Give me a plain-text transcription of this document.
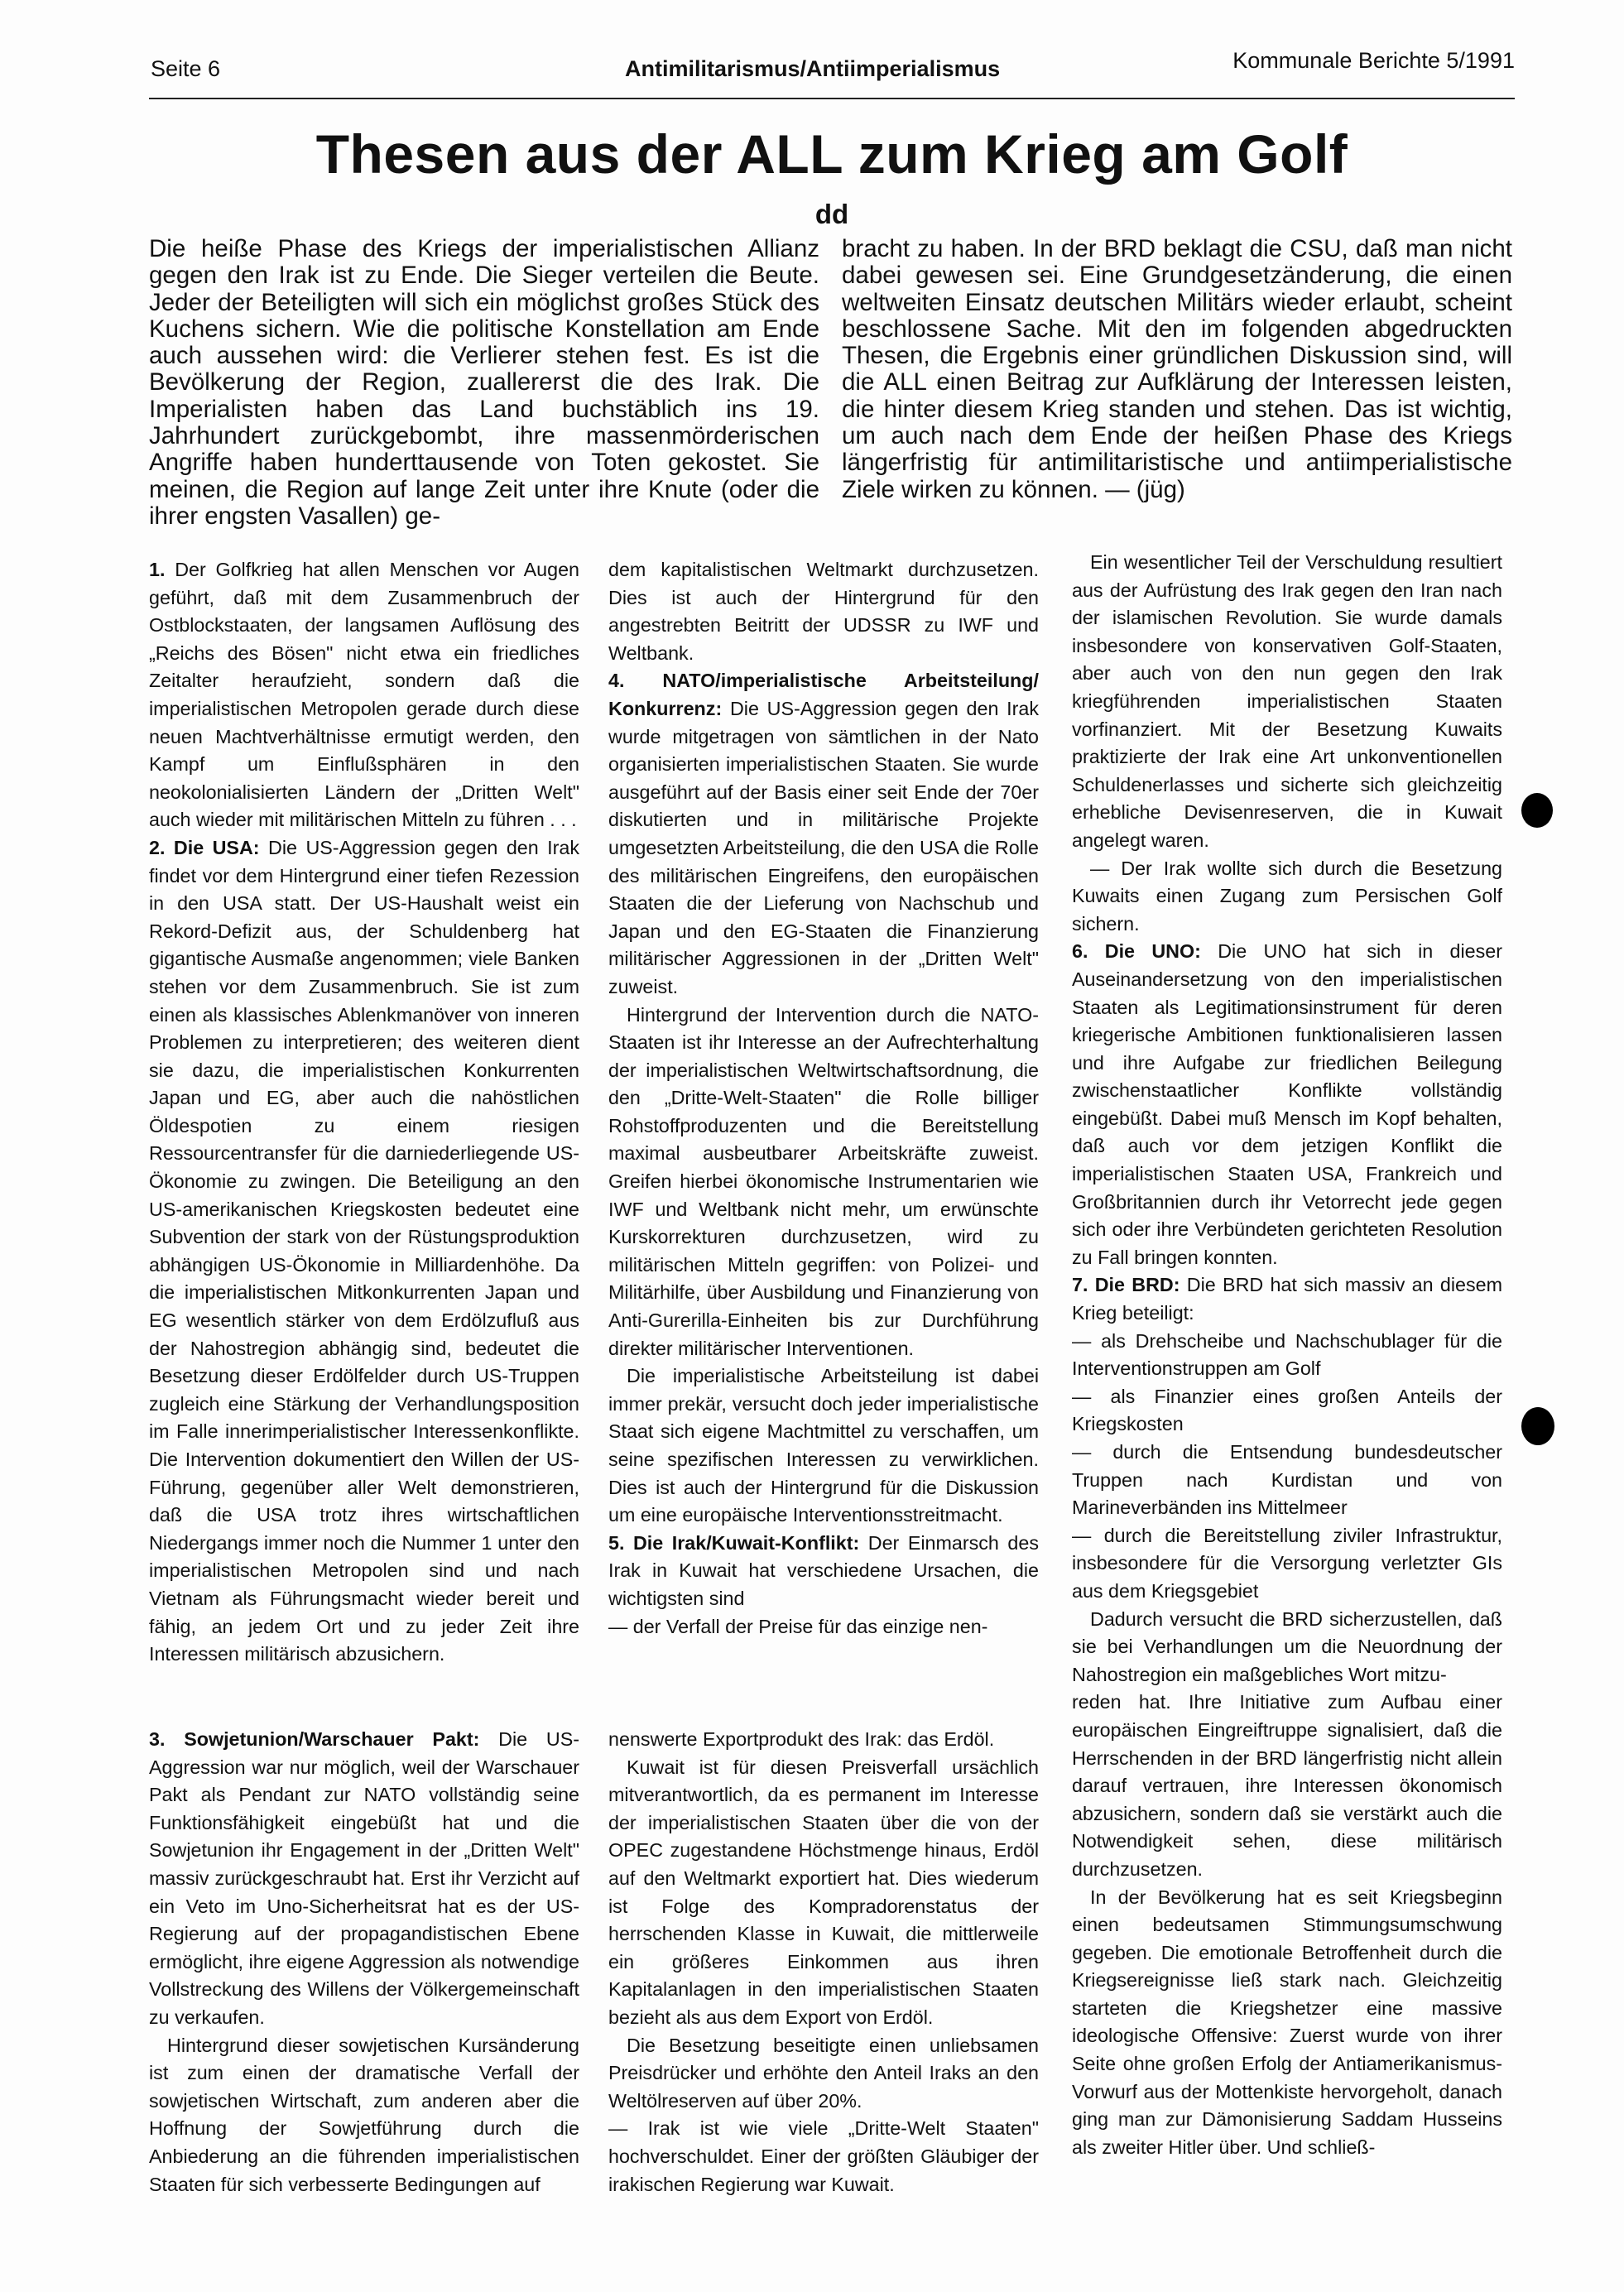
Seite 6	Antimilitarismus/Antiimperialismus	Kommunale Berichte 5/1991
Thesen aus der ALL zum Krieg am Golf
dd

Die heiße Phase des Kriegs der imperialistischen Allianz gegen den Irak ist zu Ende. Die Sieger verteilen die Beute. Jeder der Beteiligten will sich ein möglichst großes Stück des Kuchens sichern. Wie die politische Konstellation am Ende auch aussehen wird: die Verlierer stehen fest. Es ist die Bevölkerung der Region, zuallererst die des Irak. Die Imperialisten haben das Land buchstäblich ins 19. Jahrhundert zurückgebombt, ihre massenmörderischen Angriffe haben hunderttausende von Toten gekostet. Sie meinen, die Region auf lange Zeit unter ihre Knute (oder die ihrer engsten Vasallen) ge-

bracht zu haben. In der BRD beklagt die CSU, daß man nicht dabei gewesen sei. Eine Grundgesetzänderung, die einen weltweiten Einsatz deutschen Militärs wieder erlaubt, scheint beschlossene Sache. Mit den im folgenden abgedruckten Thesen, die Ergebnis einer gründlichen Diskussion sind, will die ALL einen Beitrag zur Aufklärung der Interessen leisten, die hinter diesem Krieg standen und stehen. Das ist wichtig, um auch nach dem Ende der heißen Phase des Kriegs längerfristig für antimilitaristische und antiimperialistische Ziele wirken zu können. — (jüg)

1. Der Golfkrieg hat allen Menschen vor Augen geführt, daß mit dem Zusammenbruch der Ostblockstaaten, der langsamen Auflösung des „Reichs des Bösen" nicht etwa ein friedliches Zeitalter heraufzieht, sondern daß die imperialistischen Metropolen gerade durch diese neuen Machtverhältnisse ermutigt werden, den Kampf um Einflußsphären in den neokolonialisierten Ländern der „Dritten Welt" auch wieder mit militärischen Mitteln zu führen . . .

2. Die USA: Die US-Aggression gegen den Irak findet vor dem Hintergrund einer tiefen Rezession in den USA statt. Der US-Haushalt weist ein Rekord-Defizit aus, der Schuldenberg hat gigantische Ausmaße angenommen; viele Banken stehen vor dem Zusammenbruch. Sie ist zum einen als klassisches Ablenkmanöver von inneren Problemen zu interpretieren; des weiteren dient sie dazu, die imperialistischen Konkurrenten Japan und EG, aber auch die nahöstlichen Öldespotien zu einem riesigen Ressourcentransfer für die darniederliegende US-Ökonomie zu zwingen. Die Beteiligung an den US-amerikanischen Kriegskosten bedeutet eine Subvention der stark von der Rüstungsproduktion abhängigen US-Ökonomie in Milliardenhöhe. Da die imperialistischen Mitkonkurrenten Japan und EG wesentlich stärker von dem Erdölzufluß aus der Nahostregion abhängig sind, bedeutet die Besetzung dieser Erdölfelder durch US-Truppen zugleich eine Stärkung der Verhandlungsposition im Falle innerimperialistischer Interessenkonflikte. Die Intervention dokumentiert den Willen der US-Führung, gegenüber aller Welt demonstrieren, daß die USA trotz ihres wirtschaftlichen Niedergangs immer noch die Nummer 1 unter den imperialistischen Metropolen sind und nach Vietnam als Führungsmacht wieder bereit und fähig, an jedem Ort und zu jeder Zeit ihre Interessen militärisch abzusichern.

dem kapitalistischen Weltmarkt durchzusetzen. Dies ist auch der Hintergrund für den angestrebten Beitritt der UDSSR zu IWF und Weltbank.

4. NATO/imperialistische Arbeitsteilung/ Konkurrenz: Die US-Aggression gegen den Irak wurde mitgetragen von sämtlichen in der Nato organisierten imperialistischen Staaten. Sie wurde ausgeführt auf der Basis einer seit Ende der 70er diskutierten und in militärische Projekte umgesetzten Arbeitsteilung, die den USA die Rolle des militärischen Eingreifens, den europäischen Staaten die der Lieferung von Nachschub und Japan und den EG-Staaten die Finanzierung militärischer Aggressionen in der „Dritten Welt" zuweist.

Hintergrund der Intervention durch die NATO-Staaten ist ihr Interesse an der Aufrechterhaltung der imperialistischen Weltwirtschaftsordnung, die den „Dritte-Welt-Staaten" die Rolle billiger Rohstoffproduzenten und die Bereitstellung maximal ausbeutbarer Arbeitskräfte zuweist. Greifen hierbei ökonomische Instrumentarien wie IWF und Weltbank nicht mehr, um erwünschte Kurskorrekturen durchzusetzen, wird zu militärischen Mitteln gegriffen: von Polizei- und Militärhilfe, über Ausbildung und Finanzierung von Anti-Gurerilla-Einheiten bis zur Durchführung direkter militärischer Interventionen.

Die imperialistische Arbeitsteilung ist dabei immer prekär, versucht doch jeder imperialistische Staat sich eigene Machtmittel zu verschaffen, um seine spezifischen Interessen zu verwirklichen. Dies ist auch der Hintergrund für die Diskussion um eine europäische Interventionsstreitmacht.

5. Die Irak/Kuwait-Konflikt: Der Einmarsch des Irak in Kuwait hat verschiedene Ursachen, die wichtigsten sind

— der Verfall der Preise für das einzige nen-

Ein wesentlicher Teil der Verschuldung resultiert aus der Aufrüstung des Irak gegen den Iran nach der islamischen Revolution. Sie wurde damals insbesondere von konservativen Golf-Staaten, aber auch von den nun gegen den Irak kriegführenden imperialistischen Staaten vorfinanziert. Mit der Besetzung Kuwaits praktizierte der Irak eine Art unkonventionellen Schuldenerlasses und sicherte sich gleichzeitig erhebliche Devisenreserven, die in Kuwait angelegt waren.

— Der Irak wollte sich durch die Besetzung Kuwaits einen Zugang zum Persischen Golf sichern.

6. Die UNO: Die UNO hat sich in dieser Auseinandersetzung von den imperialistischen Staaten als Legitimationsinstrument für deren kriegerische Ambitionen funktionalisieren lassen und ihre Aufgabe zur friedlichen Beilegung zwischenstaatlicher Konflikte vollständig eingebüßt. Dabei muß Mensch im Kopf behalten, daß auch vor dem jetzigen Konflikt die imperialistischen Staaten USA, Frankreich und Großbritannien durch ihr Vetorrecht jede gegen sich oder ihre Verbündeten gerichteten Resolution zu Fall bringen konnten.

7. Die BRD: Die BRD hat sich massiv an diesem Krieg beteiligt:

— als Drehscheibe und Nachschublager für die Interventionstruppen am Golf

— als Finanzier eines großen Anteils der Kriegskosten

— durch die Entsendung bundesdeutscher Truppen nach Kurdistan und von Marineverbänden ins Mittelmeer

— durch die Bereitstellung ziviler Infrastruktur, insbesondere für die Versorgung verletzter GIs aus dem Kriegsgebiet

Dadurch versucht die BRD sicherzustellen, daß sie bei Verhandlungen um die Neuordnung der Nahostregion ein maßgebliches Wort mitzu-

reden hat. Ihre Initiative zum Aufbau einer europäischen Eingreiftruppe signalisiert, daß die Herrschenden in der BRD längerfristig nicht allein darauf vertrauen, ihre Interessen ökonomisch abzusichern, sondern daß sie verstärkt auch die Notwendigkeit sehen, diese militärisch durchzusetzen.

In der Bevölkerung hat es seit Kriegsbeginn einen bedeutsamen Stimmungsumschwung gegeben. Die emotionale Betroffenheit durch die Kriegsereignisse ließ stark nach. Gleichzeitig starteten die Kriegshetzer eine massive ideologische Offensive: Zuerst wurde von ihrer Seite ohne großen Erfolg der Antiamerikanismus-Vorwurf aus der Mottenkiste hervorgeholt, danach ging man zur Dämonisierung Saddam Husseins als zweiter Hitler über. Und schließ-

3. Sowjetunion/Warschauer Pakt: Die US-Aggression war nur möglich, weil der Warschauer Pakt als Pendant zur NATO vollständig seine Funktionsfähigkeit eingebüßt hat und die Sowjetunion ihr Engagement in der „Dritten Welt" massiv zurückgeschraubt hat. Erst ihr Verzicht auf ein Veto im Uno-Sicherheitsrat hat es der US-Regierung auf der propagandistischen Ebene ermöglicht, ihre eigene Aggression als notwendige Vollstreckung des Willens der Völkergemeinschaft zu verkaufen.

Hintergrund dieser sowjetischen Kursänderung ist zum einen der dramatische Verfall der sowjetischen Wirtschaft, zum anderen aber die Hoffnung der Sowjetführung durch die Anbiederung an die führenden imperialistischen Staaten für sich verbesserte Bedingungen auf

nenswerte Exportprodukt des Irak: das Erdöl.

Kuwait ist für diesen Preisverfall ursächlich mitverantwortlich, da es permanent im Interesse der imperialistischen Staaten über die von der OPEC zugestandene Höchstmenge hinaus, Erdöl auf den Weltmarkt exportiert hat. Dies wiederum ist Folge des Kompradorenstatus der herrschenden Klasse in Kuwait, die mittlerweile ein größeres Einkommen aus ihren Kapitalanlagen in den imperialistischen Staaten bezieht als aus dem Export von Erdöl.

Die Besetzung beseitigte einen unliebsamen Preisdrücker und erhöhte den Anteil Iraks an den Weltölreserven auf über 20%.

— Irak ist wie viele „Dritte-Welt Staaten" hochverschuldet. Einer der größten Gläubiger der irakischen Regierung war Kuwait.
